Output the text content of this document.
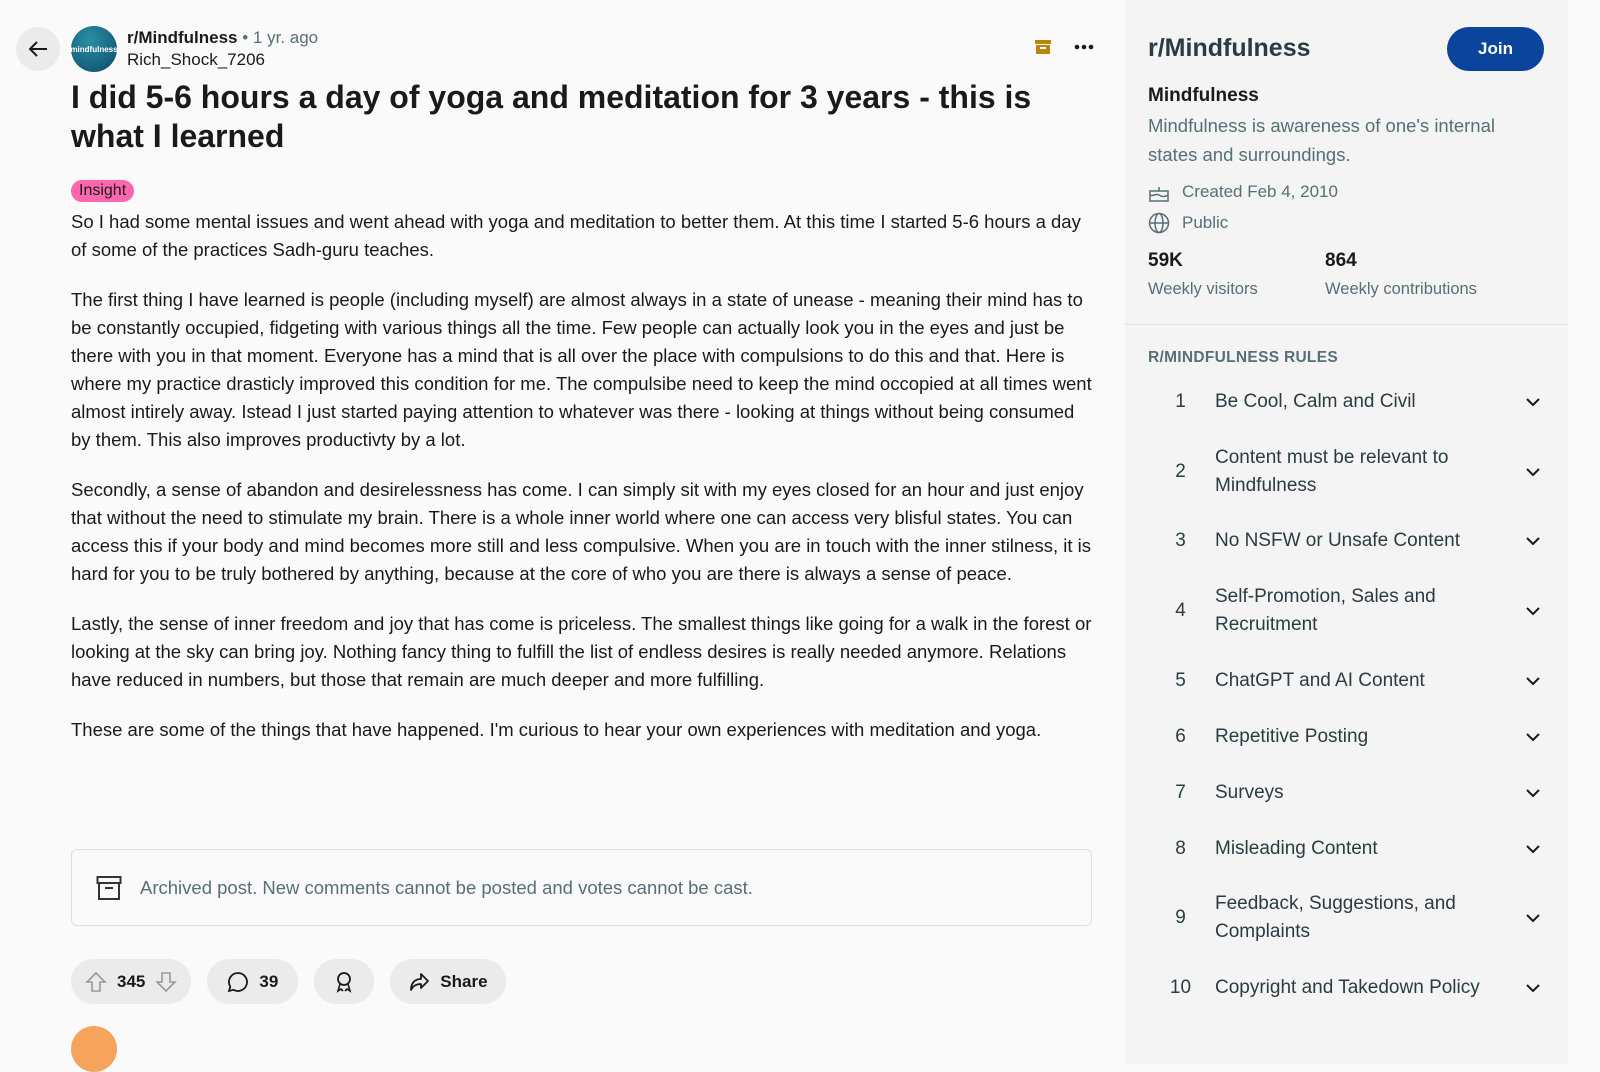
mindfulness
r/Mindfulness • 1 yr. ago
Rich_Shock_7206
I did 5-6 hours a day of yoga and meditation for 3 years - this is what I learned
Insight

So I had some mental issues and went ahead with yoga and meditation to better them. At this time I started 5-6 hours a day of some of the practices Sadh-guru teaches.

The first thing I have learned is people (including myself) are almost always in a state of unease - meaning their mind has to be constantly occupied, fidgeting with various things all the time. Few people can actually look you in the eyes and just be there with you in that moment. Everyone has a mind that is all over the place with compulsions to do this and that. Here is where my practice drasticly improved this condition for me. The compulsibe need to keep the mind occopied at all times went almost intirely away. Istead I just started paying attention to whatever was there - looking at things without being consumed by them. This also improves productivty by a lot.

Secondly, a sense of abandon and desirelessness has come. I can simply sit with my eyes closed for an hour and just enjoy that without the need to stimulate my brain. There is a whole inner world where one can access very blisful states. You can access this if your body and mind becomes more still and less compulsive. When you are in touch with the inner stilness, it is hard for you to be truly bothered by anything, because at the core of who you are there is always a sense of peace.

Lastly, the sense of inner freedom and joy that has come is priceless. The smallest things like going for a walk in the forest or looking at the sky can bring joy. Nothing fancy thing to fulfill the list of endless desires is really needed anymore. Relations have reduced in numbers, but those that remain are much deeper and more fulfilling.

These are some of the things that have happened. I'm curious to hear your own experiences with meditation and yoga.

Archived post. New comments cannot be posted and votes cannot be cast.
345	39	Share
r/Mindfulness	Join
Mindfulness
Mindfulness is awareness of one's internal states and surroundings.
Created Feb 4, 2010
Public
59K
Weekly visitors
864
Weekly contributions
R/MINDFULNESS RULES
1	Be Cool, Calm and Civil
2
Content must be relevant to Mindfulness
3	No NSFW or Unsafe Content
4
Self-Promotion, Sales and Recruitment
5	ChatGPT and AI Content
6	Repetitive Posting
7	Surveys
8	Misleading Content
9
Feedback, Suggestions, and Complaints
10	Copyright and Takedown Policy
